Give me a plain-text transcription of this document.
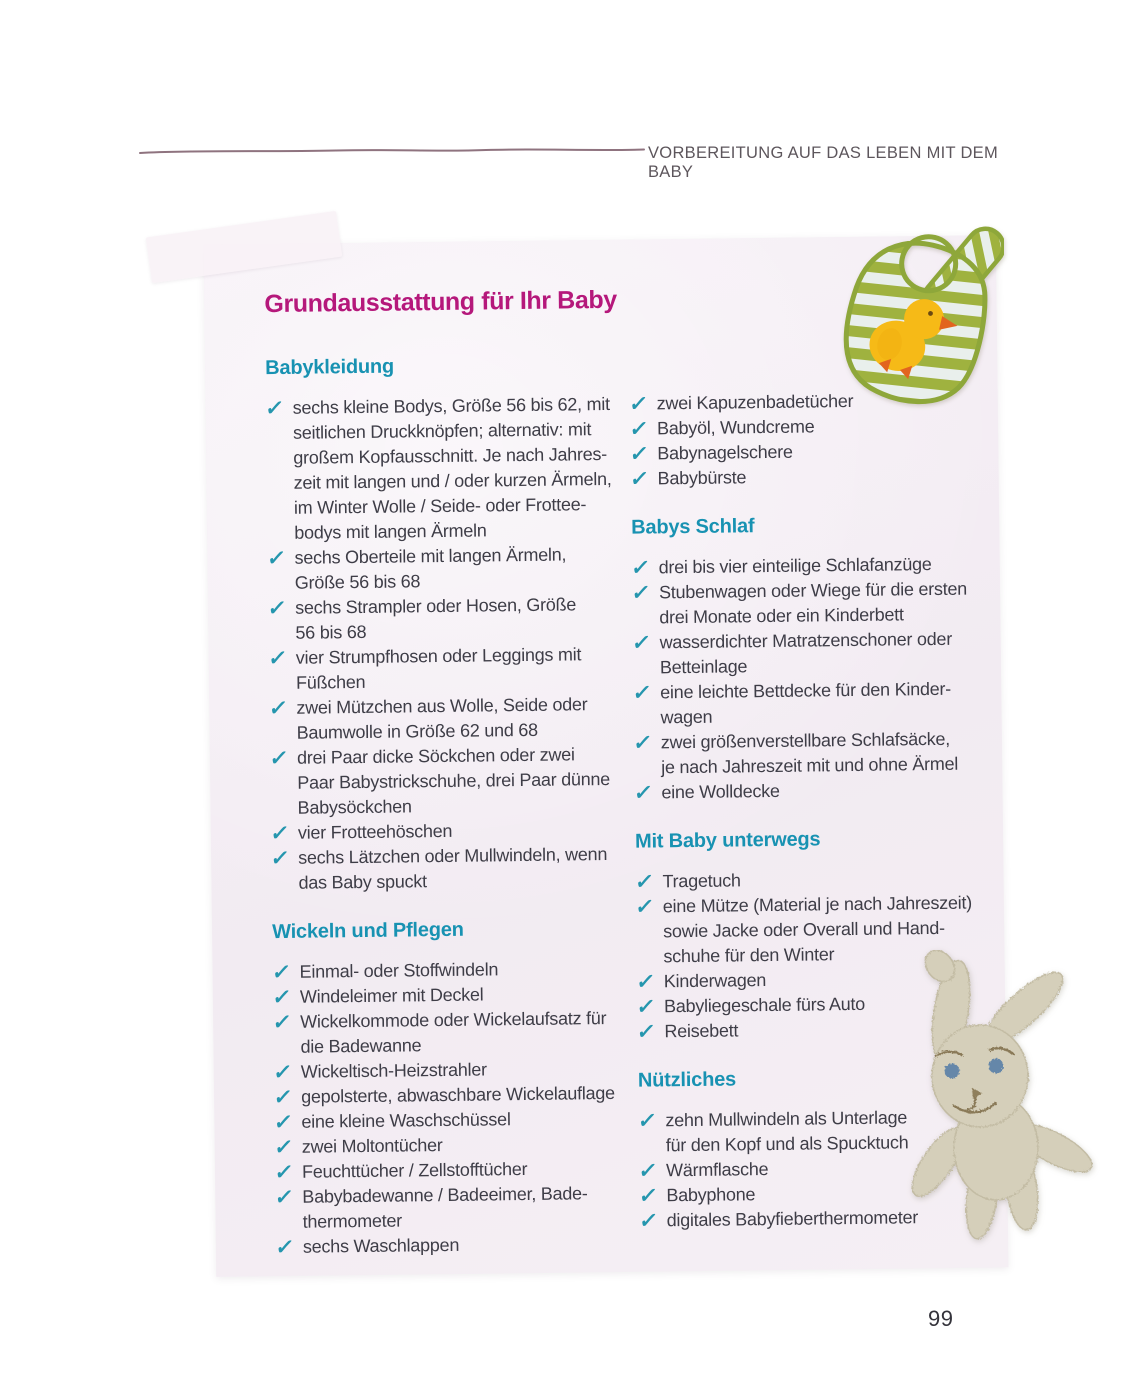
VORBEREITUNG AUF DAS LEBEN MIT DEM BABY
Grundausstattung für Ihr Baby
Babykleidung
✓ sechs kleine Bodys, Größe 56 bis 62, mit
seitlichen Druckknöpfen; alternativ: mit
großem Kopfausschnitt. Je nach Jahres-
zeit mit langen und / oder kurzen Ärmeln,
im Winter Wolle / Seide- oder Frottee-
bodys mit langen Ärmeln
✓ sechs Oberteile mit langen Ärmeln,
Größe 56 bis 68
✓ sechs Strampler oder Hosen, Größe
56 bis 68
✓ vier Strumpfhosen oder Leggings mit
Füßchen
✓ zwei Mützchen aus Wolle, Seide oder
Baumwolle in Größe 62 und 68
✓ drei Paar dicke Söckchen oder zwei
Paar Babystrickschuhe, drei Paar dünne
Babysöckchen
✓ vier Frotteehöschen
✓ sechs Lätzchen oder Mullwindeln, wenn
das Baby spuckt
Wickeln und Pflegen
✓ Einmal- oder Stoffwindeln
✓ Windeleimer mit Deckel
✓ Wickelkommode oder Wickelaufsatz für
die Badewanne
✓ Wickeltisch-Heizstrahler
✓ gepolsterte, abwaschbare Wickelauflage
✓ eine kleine Waschschüssel
✓ zwei Moltontücher
✓ Feuchttücher / Zellstofftücher
✓ Babybadewanne / Badeeimer, Bade-
thermometer
✓ sechs Waschlappen
✓ zwei Kapuzenbadetücher
✓ Babyöl, Wundcreme
✓ Babynagelschere
✓ Babybürste
Babys Schlaf
✓ drei bis vier einteilige Schlafanzüge
✓ Stubenwagen oder Wiege für die ersten
drei Monate oder ein Kinderbett
✓ wasserdichter Matratzenschoner oder
Betteinlage
✓ eine leichte Bettdecke für den Kinder-
wagen
✓ zwei größenverstellbare Schlafsäcke,
je nach Jahreszeit mit und ohne Ärmel
✓ eine Wolldecke
Mit Baby unterwegs
✓ Tragetuch
✓ eine Mütze (Material je nach Jahreszeit)
sowie Jacke oder Overall und Hand-
schuhe für den Winter
✓ Kinderwagen
✓ Babyliegeschale fürs Auto
✓ Reisebett
Nützliches
✓ zehn Mullwindeln als Unterlage
für den Kopf und als Spucktuch
✓ Wärmflasche
✓ Babyphone
✓ digitales Babyfieberthermometer
99
